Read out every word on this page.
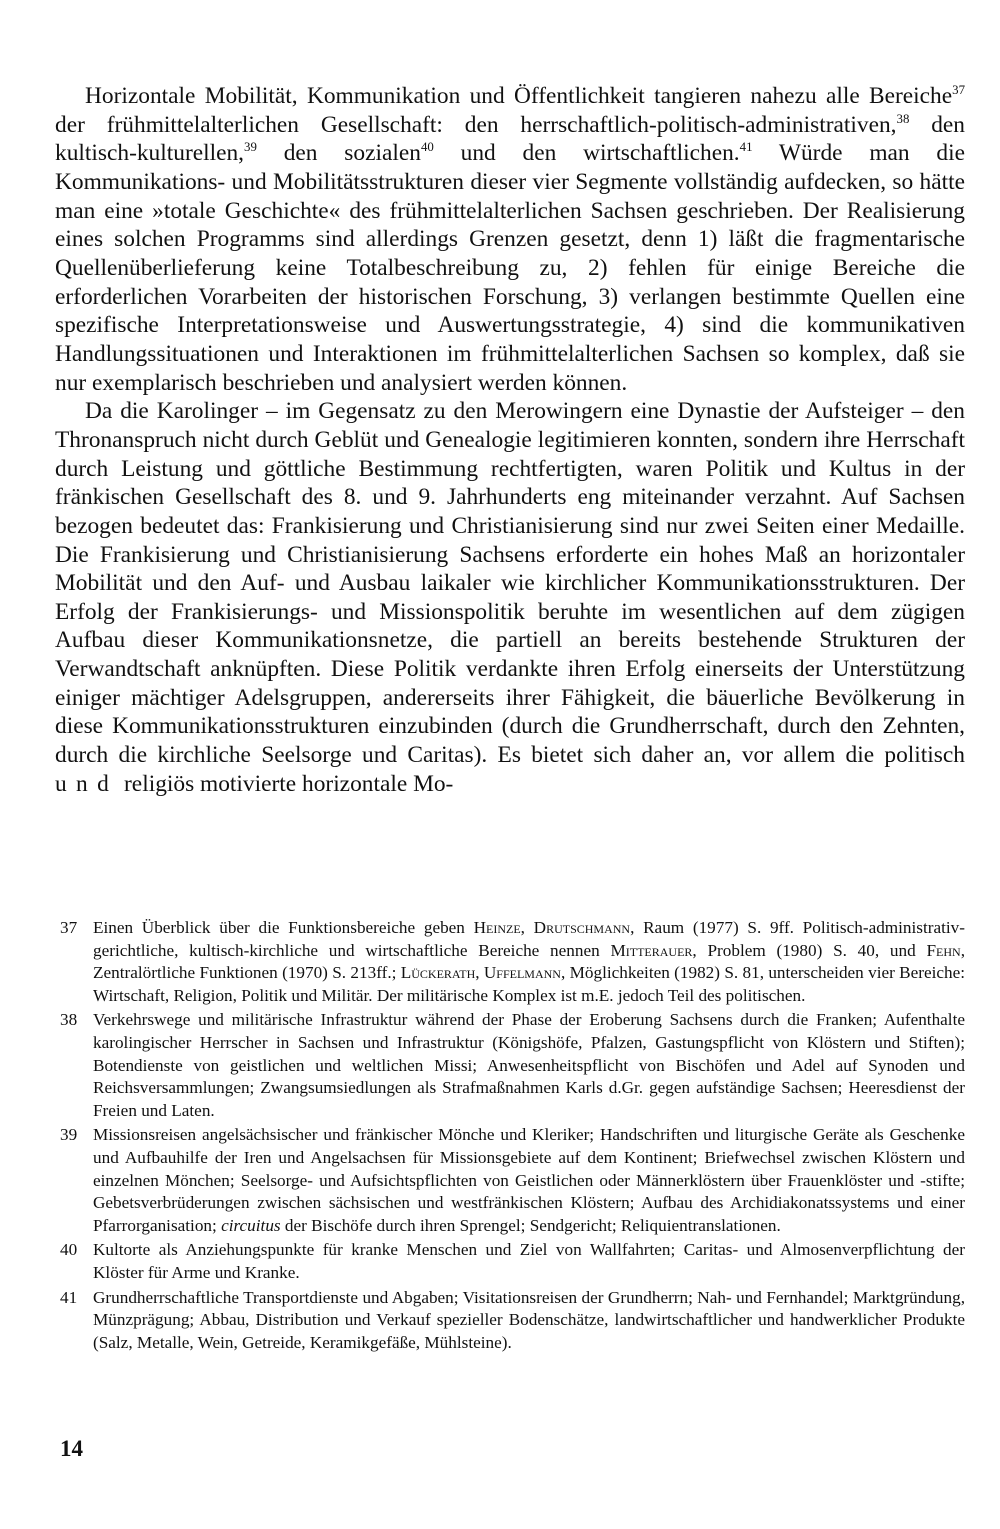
Horizontale Mobilität, Kommunikation und Öffentlichkeit tangieren nahezu alle Bereiche$^{37}$ der frühmittelalterlichen Gesellschaft: den herrschaftlich-politisch-administrativen,$^{38}$ den kultisch-kulturellen,$^{39}$ den sozialen$^{40}$ und den wirtschaftlichen.$^{41}$ Würde man die Kommunikations- und Mobilitätsstrukturen dieser vier Segmente vollständig aufdecken, so hätte man eine »totale Geschichte« des frühmittelalterlichen Sachsen geschrieben. Der Realisierung eines solchen Programms sind allerdings Grenzen gesetzt, denn 1) läßt die fragmentarische Quellenüberlieferung keine Totalbeschreibung zu, 2) fehlen für einige Bereiche die erforderlichen Vorarbeiten der historischen Forschung, 3) verlangen bestimmte Quellen eine spezifische Interpretationsweise und Auswertungsstrategie, 4) sind die kommunikativen Handlungssituationen und Interaktionen im frühmittelalterlichen Sachsen so komplex, daß sie nur exemplarisch beschrieben und analysiert werden können.

Da die Karolinger – im Gegensatz zu den Merowingern eine Dynastie der Aufsteiger – den Thronanspruch nicht durch Geblüt und Genealogie legitimieren konnten, sondern ihre Herrschaft durch Leistung und göttliche Bestimmung rechtfertigten, waren Politik und Kultus in der fränkischen Gesellschaft des 8. und 9. Jahrhunderts eng miteinander verzahnt. Auf Sachsen bezogen bedeutet das: Frankisierung und Christianisierung sind nur zwei Seiten einer Medaille. Die Frankisierung und Christianisierung Sachsens erforderte ein hohes Maß an horizontaler Mobilität und den Auf- und Ausbau laikaler wie kirchlicher Kommunikationsstrukturen. Der Erfolg der Frankisierungs- und Missionspolitik beruhte im wesentlichen auf dem zügigen Aufbau dieser Kommunikationsnetze, die partiell an bereits bestehende Strukturen der Verwandtschaft anknüpften. Diese Politik verdankte ihren Erfolg einerseits der Unterstützung einiger mächtiger Adelsgruppen, andererseits ihrer Fähigkeit, die bäuerliche Bevölkerung in diese Kommunikationsstrukturen einzubinden (durch die Grundherrschaft, durch den Zehnten, durch die kirchliche Seelsorge und Caritas). Es bietet sich daher an, vor allem die politisch und religiös motivierte horizontale Mo-

37 Einen Überblick über die Funktionsbereiche geben Heinze, Drutschmann, Raum (1977) S. 9ff. Politisch-administrativ-gerichtliche, kultisch-kirchliche und wirtschaftliche Bereiche nennen Mitterauer, Problem (1980) S. 40, und Fehn, Zentralörtliche Funktionen (1970) S. 213ff.; Lückerath, Uffelmann, Möglichkeiten (1982) S. 81, unterscheiden vier Bereiche: Wirtschaft, Religion, Politik und Militär. Der militärische Komplex ist m.E. jedoch Teil des politischen.
38 Verkehrswege und militärische Infrastruktur während der Phase der Eroberung Sachsens durch die Franken; Aufenthalte karolingischer Herrscher in Sachsen und Infrastruktur (Königshöfe, Pfalzen, Gastungspflicht von Klöstern und Stiften); Botendienste von geistlichen und weltlichen Missi; Anwesenheitspflicht von Bischöfen und Adel auf Synoden und Reichsversammlungen; Zwangsumsiedlungen als Strafmaßnahmen Karls d.Gr. gegen aufständige Sachsen; Heeresdienst der Freien und Laten.
39 Missionsreisen angelsächsischer und fränkischer Mönche und Kleriker; Handschriften und liturgische Geräte als Geschenke und Aufbauhilfe der Iren und Angelsachsen für Missionsgebiete auf dem Kontinent; Briefwechsel zwischen Klöstern und einzelnen Mönchen; Seelsorge- und Aufsichtspflichten von Geistlichen oder Männerklöstern über Frauenklöster und -stifte; Gebetsverbrüderungen zwischen sächsischen und westfränkischen Klöstern; Aufbau des Archidiakonatssystems und einer Pfarrorganisation; circuitus der Bischöfe durch ihren Sprengel; Sendgericht; Reliquientranslationen.
40 Kultorte als Anziehungspunkte für kranke Menschen und Ziel von Wallfahrten; Caritas- und Almosenverpflichtung der Klöster für Arme und Kranke.
41 Grundherrschaftliche Transportdienste und Abgaben; Visitationsreisen der Grundherrn; Nah- und Fernhandel; Marktgründung, Münzprägung; Abbau, Distribution und Verkauf spezieller Bodenschätze, landwirtschaftlicher und handwerklicher Produkte (Salz, Metalle, Wein, Getreide, Keramikgefäße, Mühlsteine).
14
